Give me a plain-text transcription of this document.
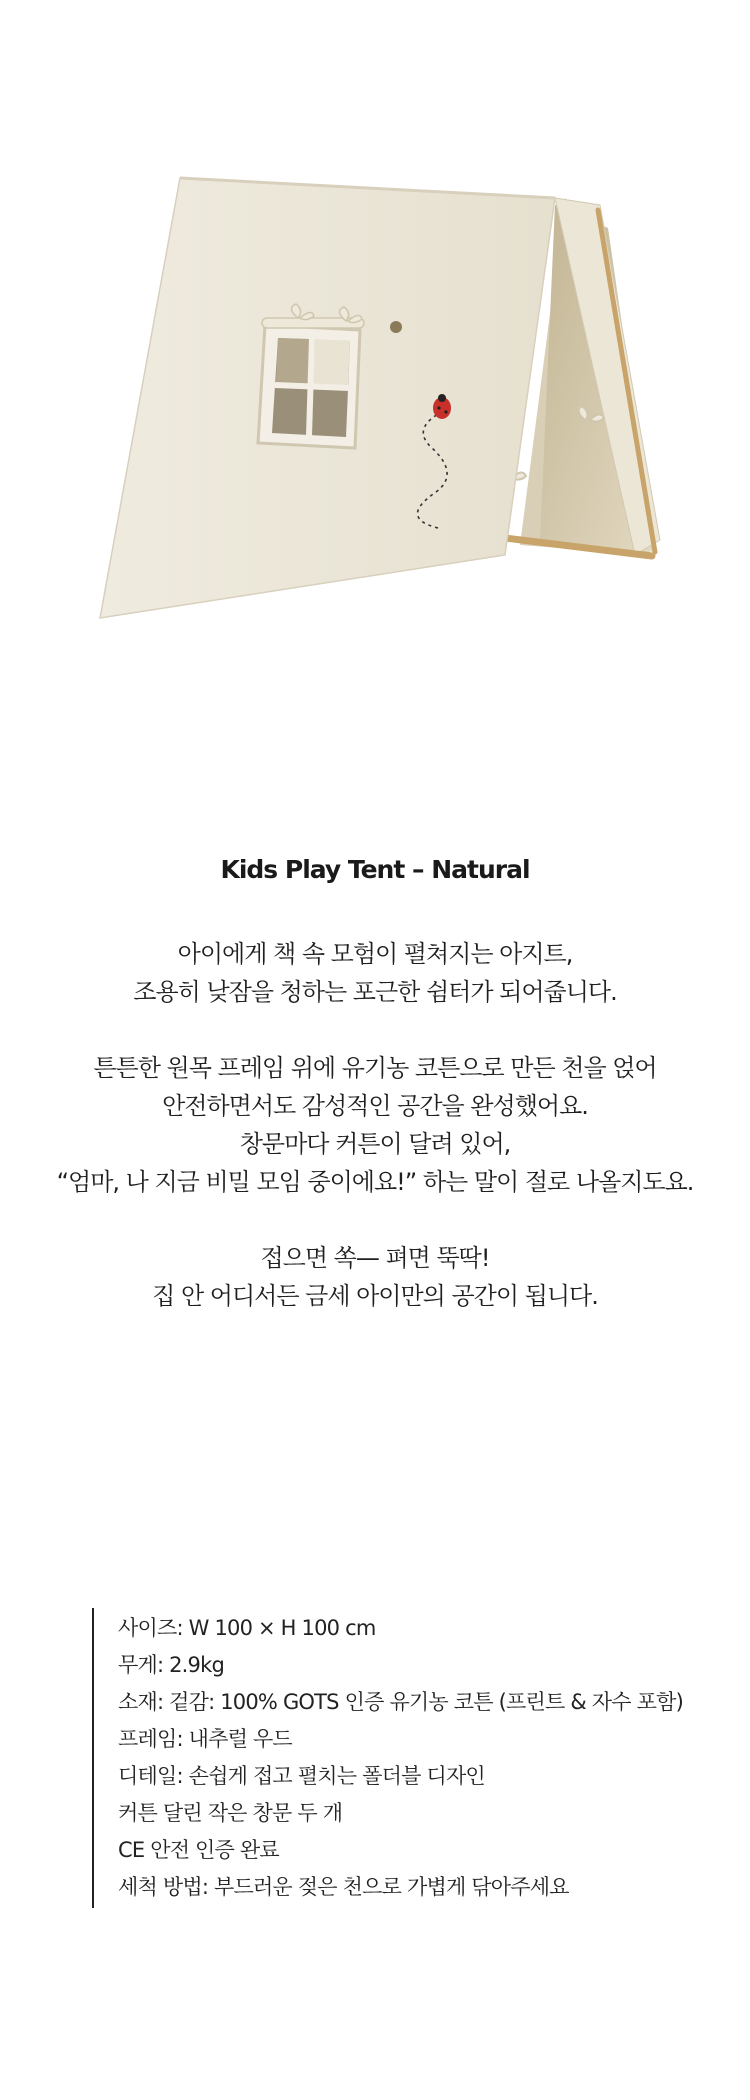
Kids Play Tent – Natural

아이에게 책 속 모험이 펼쳐지는 아지트,
조용히 낮잠을 청하는 포근한 쉼터가 되어줍니다.

튼튼한 원목 프레임 위에 유기농 코튼으로 만든 천을 얹어
안전하면서도 감성적인 공간을 완성했어요.
창문마다 커튼이 달려 있어,
“엄마, 나 지금 비밀 모임 중이에요!” 하는 말이 절로 나올지도요.

접으면 쏙— 펴면 뚝딱!
집 안 어디서든 금세 아이만의 공간이 됩니다.

사이즈: W 100 × H 100 cm
무게: 2.9kg
소재: 겉감: 100% GOTS 인증 유기농 코튼 (프린트 & 자수 포함)
프레임: 내추럴 우드
디테일: 손쉽게 접고 펼치는 폴더블 디자인
커튼 달린 작은 창문 두 개
CE 안전 인증 완료
세척 방법: 부드러운 젖은 천으로 가볍게 닦아주세요
